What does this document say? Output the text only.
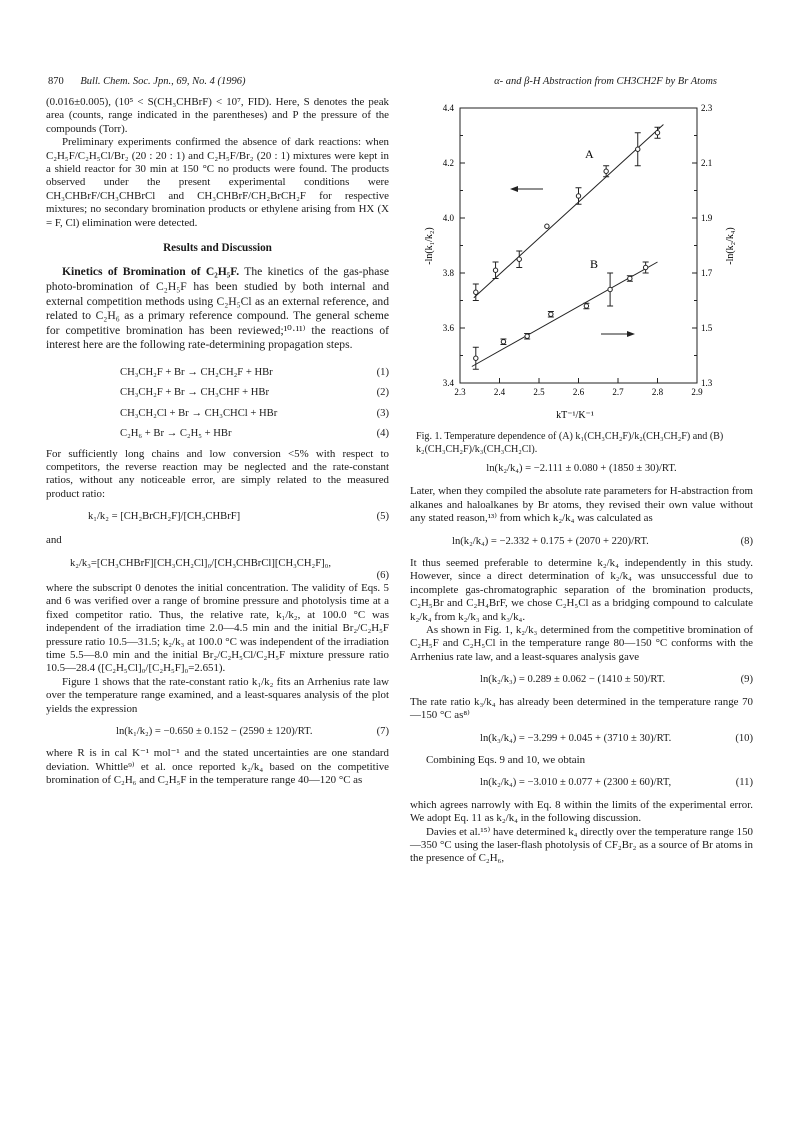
870 Bull. Chem. Soc. Jpn., 69, No. 4 (1996)	α- and β-H Abstraction from CH3CH2F by Br Atoms

(0.016±0.005), (10⁵ < S(CH₃CHBrF) < 10⁷, FID). Here, S denotes the peak area (counts, range indicated in the parentheses) and P the pressure of the compounds (Torr).

Preliminary experiments confirmed the absence of dark reactions: when C₂H₅F/C₂H₅Cl/Br₂ (20 : 20 : 1) and C₂H₅F/Br₂ (20 : 1) mixtures were kept in a shield reactor for 30 min at 150 °C no products were found. The products observed under the present experimental conditions were CH₃CHBrF/CH₃CHBrCl and CH₃CHBrF/CH₂BrCH₂F for respective mixtures; no secondary bromination products or ethylene arising from HX (X = F, Cl) elimination were detected.

Results and Discussion

Kinetics of Bromination of C₂H₅F. The kinetics of the gas-phase photo-bromination of C₂H₅F has been studied by both internal and external competition methods using C₂H₅Cl as an external reference, and related to C₂H₆ as a primary reference compound. The general scheme for competitive bromination has been reviewed;¹⁰·¹¹⁾ the reactions of interest here are the following rate-determining propagation steps.

CH₃CH₂F + Br → CH₂CH₂F + HBr	(1)
CH₃CH₂F + Br → CH₃CHF + HBr	(2)
CH₃CH₂Cl + Br → CH₃CHCl + HBr	(3)
C₂H₆ + Br → C₂H₅ + HBr	(4)

For sufficiently long chains and low conversion <5% with respect to competitors, the reverse reaction may be neglected and the rate-constant ratios, without any noticeable error, are simply related to the measured product ratio:

k₁/k₂ = [CH₂BrCH₂F]/[CH₃CHBrF]	(5)
and
k₂/k₃=[CH₃CHBrF][CH₃CH₂Cl]₀/[CH₃CHBrCl][CH₃CH₂F]₀,
(6)

where the subscript 0 denotes the initial concentration. The validity of Eqs. 5 and 6 was verified over a range of bromine pressure and photolysis time at a fixed competitor ratio. Thus, the relative rate, k₁/k₂, at 100.0 °C was independent of the irradiation time 2.0—4.5 min and the initial Br₂/C₂H₅F pressure ratio 10.5—31.5; k₂/k₃ at 100.0 °C was independent of the irradiation time 5.5—8.0 min and the initial Br₂/C₂H₅Cl/C₂H₅F mixture pressure ratio 10.5—28.4 ([C₂H₅Cl]₀/[C₂H₅F]₀=2.651).

Figure 1 shows that the rate-constant ratio k₁/k₂ fits an Arrhenius rate law over the temperature range examined, and a least-squares analysis of the plot yields the expression

ln(k₁/k₂) = −0.650 ± 0.152 − (2590 ± 120)/RT.	(7)

where R is in cal K⁻¹ mol⁻¹ and the stated uncertainties are one standard deviation. Whittle⁹⁾ et al. once reported k₂/k₄ based on the competitive bromination of C₂H₆ and C₂H₅F in the temperature range 40—120 °C as

4.4	2.3
4.2	2.1
4.0	1.9
3.8	1.7
3.6	1.5
3.4	1.3
2.3	2.4	2.5	2.6	2.7	2.8	2.9
A
B
-ln(k₁/k₂)	-ln(k₂/k₄)
kT⁻¹/K⁻¹
Fig. 1. Temperature dependence of (A) k₁(CH₃CH₂F)/k₂(CH₃CH₂F) and (B) k₂(CH₃CH₂F)/k₃(CH₃CH₂Cl).
ln(k₂/k₄) = −2.111 ± 0.080 + (1850 ± 30)/RT.

Later, when they compiled the absolute rate parameters for H-abstraction from alkanes and haloalkanes by Br atoms, they revised their own value without any stated reason,¹³⁾ from which k₂/k₄ was calculated as

ln(k₂/k₄) = −2.332 + 0.175 + (2070 + 220)/RT.	(8)

It thus seemed preferable to determine k₂/k₄ independently in this study. However, since a direct determination of k₂/k₄ was unsuccessful due to incomplete gas-chromatographic separation of the bromination products, C₂H₅Br and C₂H₄BrF, we chose C₂H₅Cl as a bridging compound to calculate k₂/k₄ from k₂/k₃ and k₃/k₄.

As shown in Fig. 1, k₂/k₃ determined from the competitive bromination of C₂H₅F and C₂H₅Cl in the temperature range 80—150 °C conforms with the Arrhenius rate law, and a least-squares analysis gave

ln(k₂/k₃) = 0.289 ± 0.062 − (1410 ± 50)/RT.	(9)

The rate ratio k₃/k₄ has already been determined in the temperature range 70—150 °C as⁸⁾

ln(k₃/k₄) = −3.299 + 0.045 + (3710 ± 30)/RT.	(10)

Combining Eqs. 9 and 10, we obtain

ln(k₂/k₄) = −3.010 ± 0.077 + (2300 ± 60)/RT,	(11)

which agrees narrowly with Eq. 8 within the limits of the experimental error. We adopt Eq. 11 as k₂/k₄ in the following discussion.

Davies et al.¹⁵⁾ have determined k₄ directly over the temperature range 150—350 °C using the laser-flash photolysis of CF₂Br₂ as a source of Br atoms in the presence of C₂H₆,
